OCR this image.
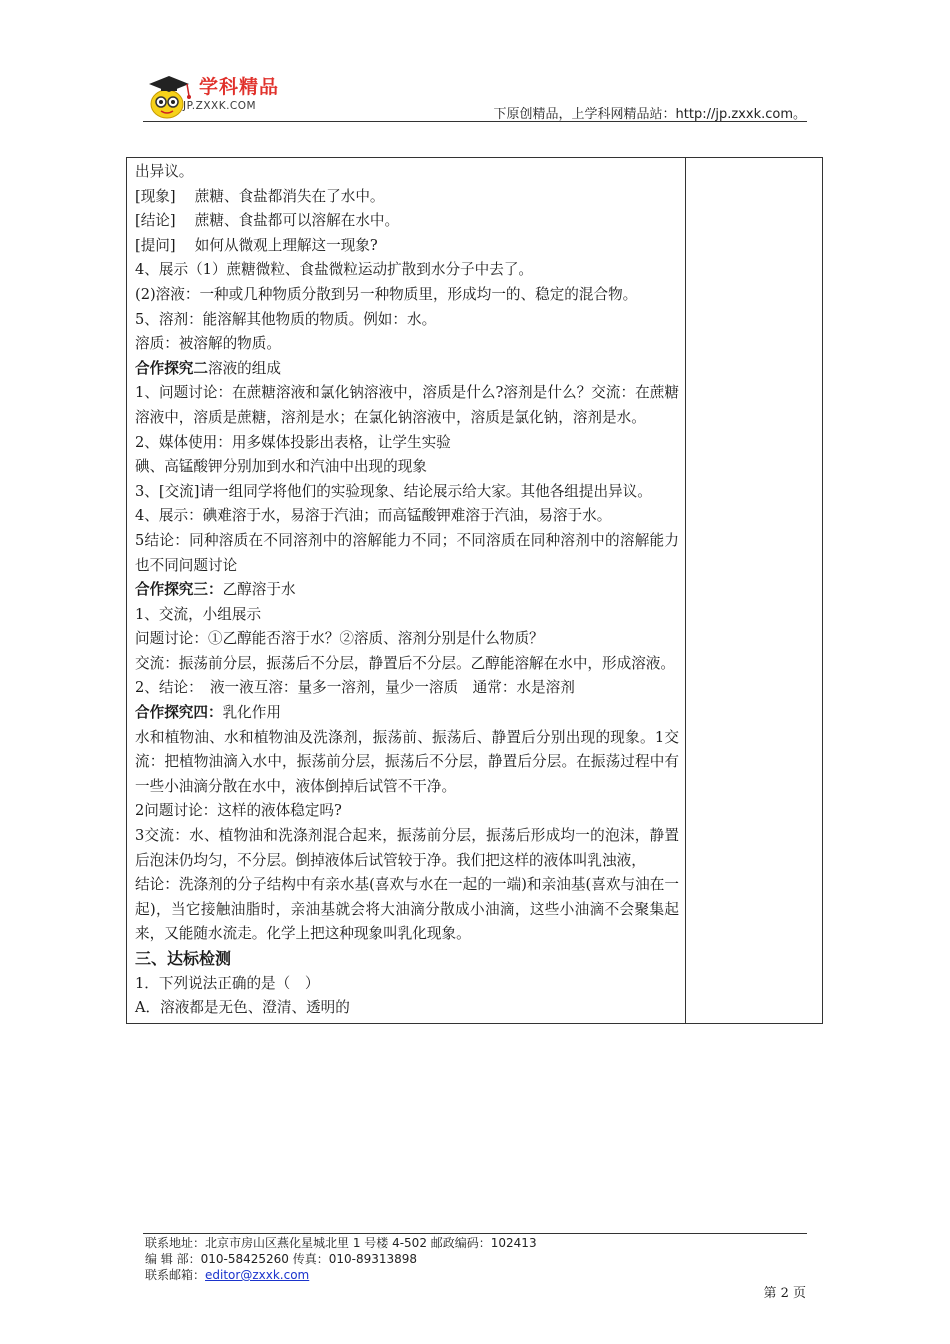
学科精品
JP.ZXXK.COM
下原创精品，上学科网精品站：http://jp.zxxk.com。

出异议。

[现象]　 蔗糖、食盐都消失在了水中。

[结论]　 蔗糖、食盐都可以溶解在水中。

[提问]　 如何从微观上理解这一现象?

4、展示（1）蔗糖微粒、食盐微粒运动扩散到水分子中去了。

(2)溶液：一种或几种物质分散到另一种物质里，形成均一的、稳定的混合物。

5、溶剂：能溶解其他物质的物质。例如：水。

溶质：被溶解的物质。

合作探究二溶液的组成

1、问题讨论：在蔗糖溶液和氯化钠溶液中，溶质是什么?溶剂是什么？交流：在蔗糖溶液中，溶质是蔗糖，溶剂是水；在氯化钠溶液中，溶质是氯化钠，溶剂是水。

2、媒体使用：用多媒体投影出表格，让学生实验

碘、高锰酸钾分别加到水和汽油中出现的现象

3、[交流]请一组同学将他们的实验现象、结论展示给大家。其他各组提出异议。

4、展示：碘难溶于水，易溶于汽油；而高锰酸钾难溶于汽油，易溶于水。

5结论：同种溶质在不同溶剂中的溶解能力不同；不同溶质在同种溶剂中的溶解能力也不同问题讨论

合作探究三：乙醇溶于水

1、交流，小组展示

问题讨论：①乙醇能否溶于水？②溶质、溶剂分别是什么物质？

交流：振荡前分层，振荡后不分层，静置后不分层。乙醇能溶解在水中，形成溶液。

2、结论：　液一液互溶：量多一溶剂，量少一溶质　通常：水是溶剂

合作探究四：乳化作用

水和植物油、水和植物油及洗涤剂，振荡前、振荡后、静置后分别出现的现象。1交流：把植物油滴入水中，振荡前分层，振荡后不分层，静置后分层。在振荡过程中有一些小油滴分散在水中，液体倒掉后试管不干净。

2问题讨论：这样的液体稳定吗?

3交流：水、植物油和洗涤剂混合起来，振荡前分层，振荡后形成均一的泡沫，静置后泡沫仍均匀，不分层。倒掉液体后试管较于净。我们把这样的液体叫乳浊液，

结论：洗涤剂的分子结构中有亲水基(喜欢与水在一起的一端)和亲油基(喜欢与油在一起)，当它接触油脂时，亲油基就会将大油滴分散成小油滴，这些小油滴不会聚集起来，又能随水流走。化学上把这种现象叫乳化现象。

三、达标检测

1．下列说法正确的是（　）

A．溶液都是无色、澄清、透明的

联系地址：北京市房山区燕化星城北里 1 号楼 4-502 邮政编码：102413
编 辑 部：010-58425260 传真：010-89313898
联系邮箱：editor@zxxk.com
第 2 页
